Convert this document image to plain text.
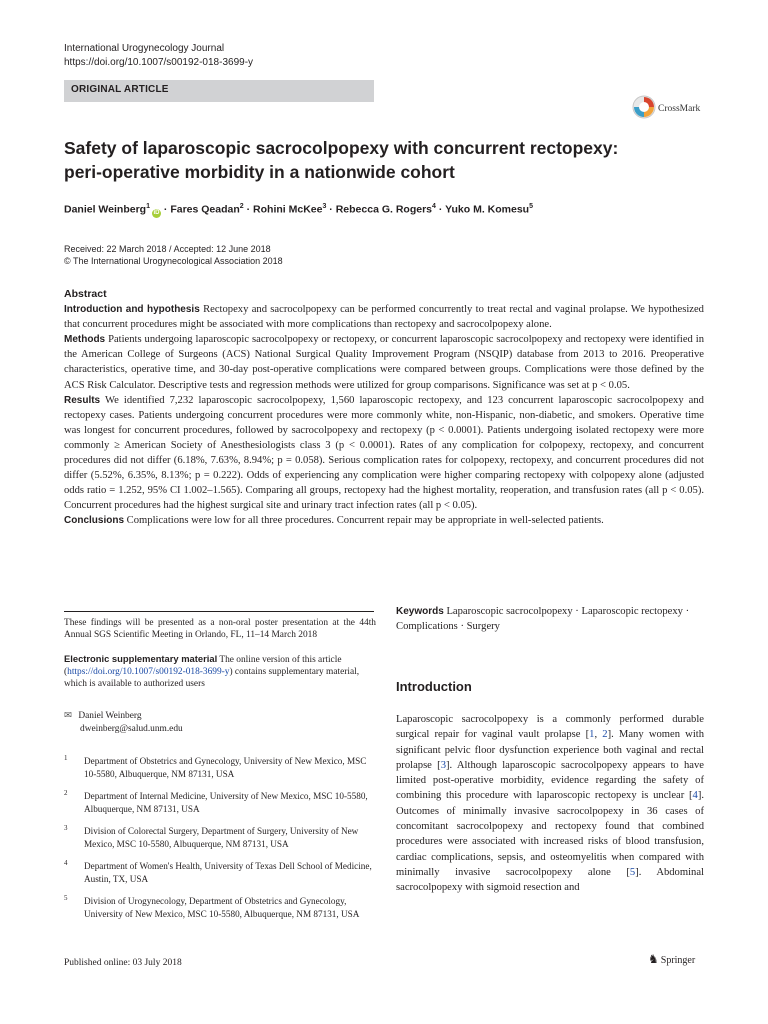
International Urogynecology Journal
https://doi.org/10.1007/s00192-018-3699-y
ORIGINAL ARTICLE
CrossMark
Safety of laparoscopic sacrocolpopexy with concurrent rectopexy:
peri-operative morbidity in a nationwide cohort
Daniel Weinberg$^1$iD · Fares Qeadan$^2$ · Rohini McKee$^3$ · Rebecca G. Rogers$^4$ · Yuko M. Komesu$^5$
Received: 22 March 2018 / Accepted: 12 June 2018
© The International Urogynecological Association 2018

Abstract

Introduction and hypothesis Rectopexy and sacrocolpopexy can be performed concurrently to treat rectal and vaginal prolapse. We hypothesized that concurrent procedures might be associated with more complications than rectopexy and sacrocolpopexy alone.

Methods Patients undergoing laparoscopic sacrocolpopexy or rectopexy, or concurrent laparoscopic sacrocolpopexy and rectopexy were identified in the American College of Surgeons (ACS) National Surgical Quality Improvement Program (NSQIP) database from 2013 to 2016. Preoperative characteristics, operative time, and 30-day post-operative complications were compared between groups. Complications were those defined by the ACS Risk Calculator. Descriptive tests and regression methods were utilized for group comparisons. Significance was set at p < 0.05.

Results We identified 7,232 laparoscopic sacrocolpopexy, 1,560 laparoscopic rectopexy, and 123 concurrent laparoscopic sacrocolpopexy and rectopexy cases. Patients undergoing concurrent procedures were more commonly white, non-Hispanic, non-diabetic, and smokers. Operative time was longest for concurrent procedures, followed by sacrocolpopexy and rectopexy (p < 0.0001). Patients undergoing isolated rectopexy were more commonly ≥ American Society of Anesthesiologists class 3 (p < 0.0001). Rates of any complication for colpopexy, rectopexy, and concurrent procedures did not differ (6.18%, 7.63%, 8.94%; p = 0.058). Serious complication rates for colpopexy, rectopexy, and concurrent procedures did not differ (5.52%, 6.35%, 8.13%; p = 0.222). Odds of experiencing any complication were higher comparing rectopexy with colpopexy alone (adjusted odds ratio = 1.252, 95% CI 1.002–1.565). Comparing all groups, rectopexy had the highest mortality, reoperation, and transfusion rates (all p < 0.05). Concurrent procedures had the highest surgical site and urinary tract infection rates (all p < 0.05).

Conclusions Complications were low for all three procedures. Concurrent repair may be appropriate in well-selected patients.

Keywords Laparoscopic sacrocolpopexy · Laparoscopic rectopexy · Complications · Surgery
These findings will be presented as a non-oral poster presentation at the 44th Annual SGS Scientific Meeting in Orlando, FL, 11–14 March 2018
Electronic supplementary material The online version of this article (https://doi.org/10.1007/s00192-018-3699-y) contains supplementary material, which is available to authorized users
✉ Daniel Weinberg
dweinberg@salud.unm.edu
1 Department of Obstetrics and Gynecology, University of New Mexico, MSC 10-5580, Albuquerque, NM 87131, USA
2 Department of Internal Medicine, University of New Mexico, MSC 10-5580, Albuquerque, NM 87131, USA
3 Division of Colorectal Surgery, Department of Surgery, University of New Mexico, MSC 10-5580, Albuquerque, NM 87131, USA
4 Department of Women's Health, University of Texas Dell School of Medicine, Austin, TX, USA
5 Division of Urogynecology, Department of Obstetrics and Gynecology, University of New Mexico, MSC 10-5580, Albuquerque, NM 87131, USA
Published online: 03 July 2018
Introduction
Laparoscopic sacrocolpopexy is a commonly performed durable surgical repair for vaginal vault prolapse [1, 2]. Many women with significant pelvic floor dysfunction experience both vaginal and rectal prolapse [3]. Although laparoscopic sacrocolpopexy appears to have limited post-operative morbidity, evidence regarding the safety of combining this procedure with laparoscopic rectopexy is unclear [4]. Outcomes of minimally invasive sacrocolpopexy in 36 cases of concomitant sacrocolpopexy and rectopexy found that combined procedures were associated with increased risks of blood transfusion, cardiac complications, sepsis, and osteomyelitis when compared with minimally invasive sacrocolpopexy alone [5]. Abdominal sacrocolpopexy with sigmoid resection and
♞ Springer
